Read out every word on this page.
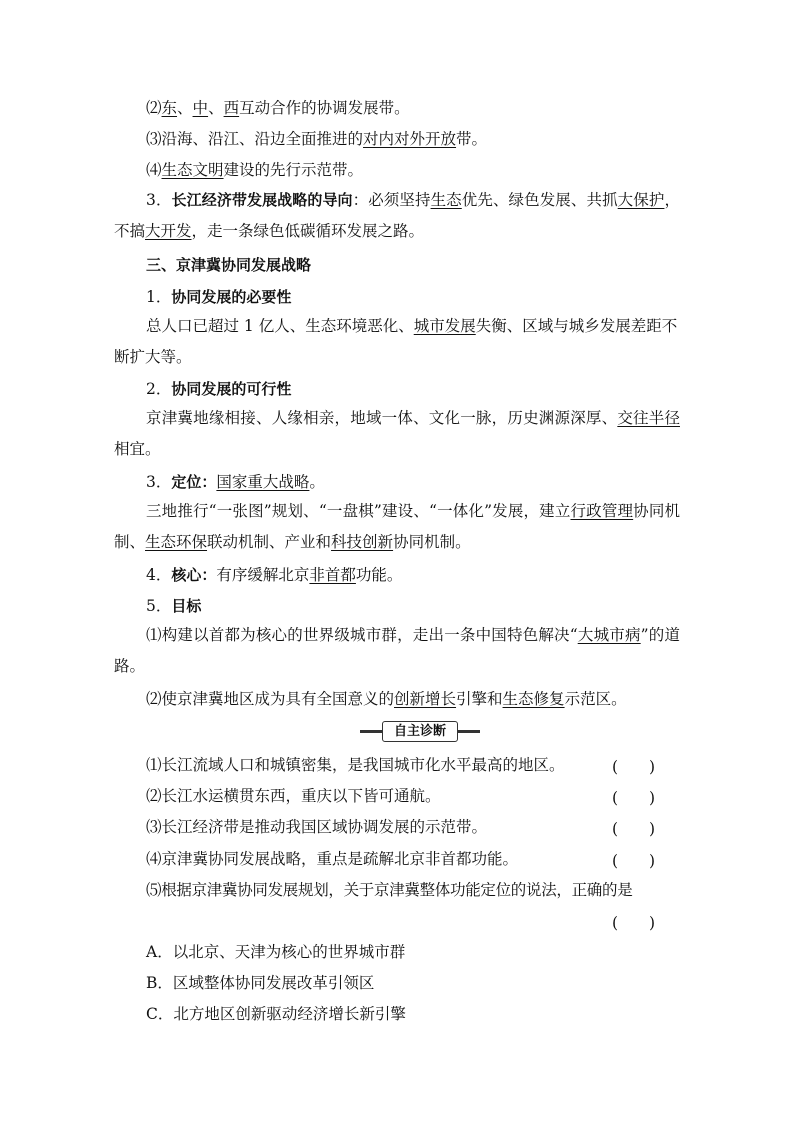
⑵东、中、西互动合作的协调发展带。
⑶沿海、沿江、沿边全面推进的对内对外开放带。
⑷生态文明建设的先行示范带。
3．长江经济带发展战略的导向：必须坚持生态优先、绿色发展、共抓大保护，不搞大开发，走一条绿色低碳循环发展之路。
三、京津冀协同发展战略
1．协同发展的必要性
总人口已超过 1 亿人、生态环境恶化、城市发展失衡、区域与城乡发展差距不断扩大等。
2．协同发展的可行性
京津冀地缘相接、人缘相亲，地域一体、文化一脉，历史渊源深厚、交往半径相宜。
3．定位：国家重大战略。
三地推行“一张图”规划、“一盘棋”建设、“一体化”发展，建立行政管理协同机制、生态环保联动机制、产业和科技创新协同机制。
4．核心：有序缓解北京非首都功能。
5．目标
⑴构建以首都为核心的世界级城市群，走出一条中国特色解决“大城市病”的道路。
⑵使京津冀地区成为具有全国意义的创新增长引擎和生态修复示范区。
自主诊断
⑴长江流域人口和城镇密集，是我国城市化水平最高的地区。	(　　)
⑵长江水运横贯东西，重庆以下皆可通航。	(　　)
⑶长江经济带是推动我国区域协调发展的示范带。	(　　)
⑷京津冀协同发展战略，重点是疏解北京非首都功能。	(　　)
⑸根据京津冀协同发展规划，关于京津冀整体功能定位的说法，正确的是
(　　)
A．以北京、天津为核心的世界城市群
B．区域整体协同发展改革引领区
C．北方地区创新驱动经济增长新引擎
